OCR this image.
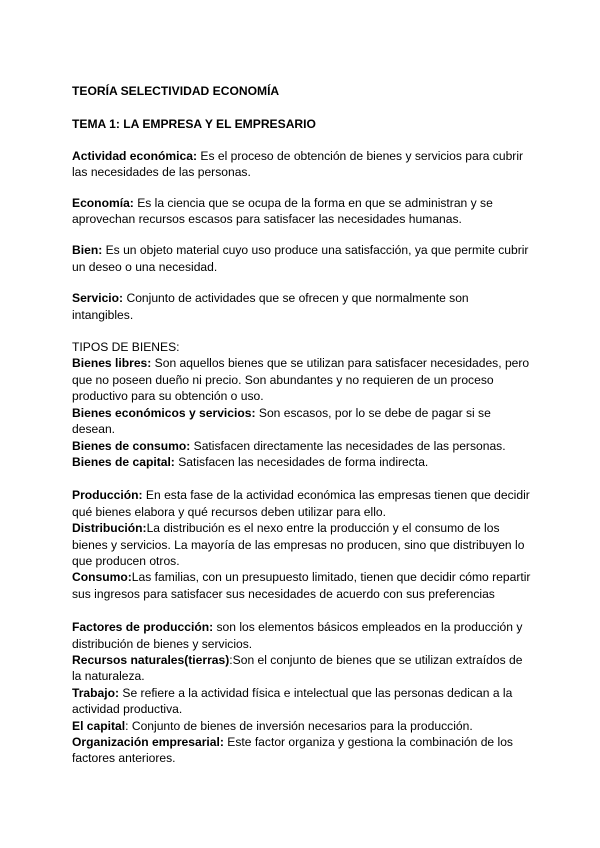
TEORÍA SELECTIVIDAD ECONOMÍA

TEMA 1: LA EMPRESA Y EL EMPRESARIO

Actividad económica: Es el proceso de obtención de bienes y servicios para cubrir las necesidades de las personas.

Economía: Es la ciencia que se ocupa de la forma en que se administran y se aprovechan recursos escasos para satisfacer las necesidades humanas.

Bien: Es un objeto material cuyo uso produce una satisfacción, ya que permite cubrir un deseo o una necesidad.

Servicio: Conjunto de actividades que se ofrecen y que normalmente son intangibles.

TIPOS DE BIENES:

Bienes libres: Son aquellos bienes que se utilizan para satisfacer necesidades, pero que no poseen dueño ni precio. Son abundantes y no requieren de un proceso productivo para su obtención o uso.

Bienes económicos y servicios: Son escasos, por lo se debe de pagar si se desean.

Bienes de consumo: Satisfacen directamente las necesidades de las personas.

Bienes de capital: Satisfacen las necesidades de forma indirecta.

Producción: En esta fase de la actividad económica las empresas tienen que decidir qué bienes elabora y qué recursos deben utilizar para ello.

Distribución:La distribución es el nexo entre la producción y el consumo de los bienes y servicios. La mayoría de las empresas no producen, sino que distribuyen lo que producen otros.

Consumo:Las familias, con un presupuesto limitado, tienen que decidir cómo repartir sus ingresos para satisfacer sus necesidades de acuerdo con sus preferencias

Factores de producción: son los elementos básicos empleados en la producción y distribución de bienes y servicios.

Recursos naturales(tierras):Son el conjunto de bienes que se utilizan extraídos de la naturaleza.

Trabajo: Se refiere a la actividad física e intelectual que las personas dedican a la actividad productiva.

El capital: Conjunto de bienes de inversión necesarios para la producción.

Organización empresarial: Este factor organiza y gestiona la combinación de los factores anteriores.
